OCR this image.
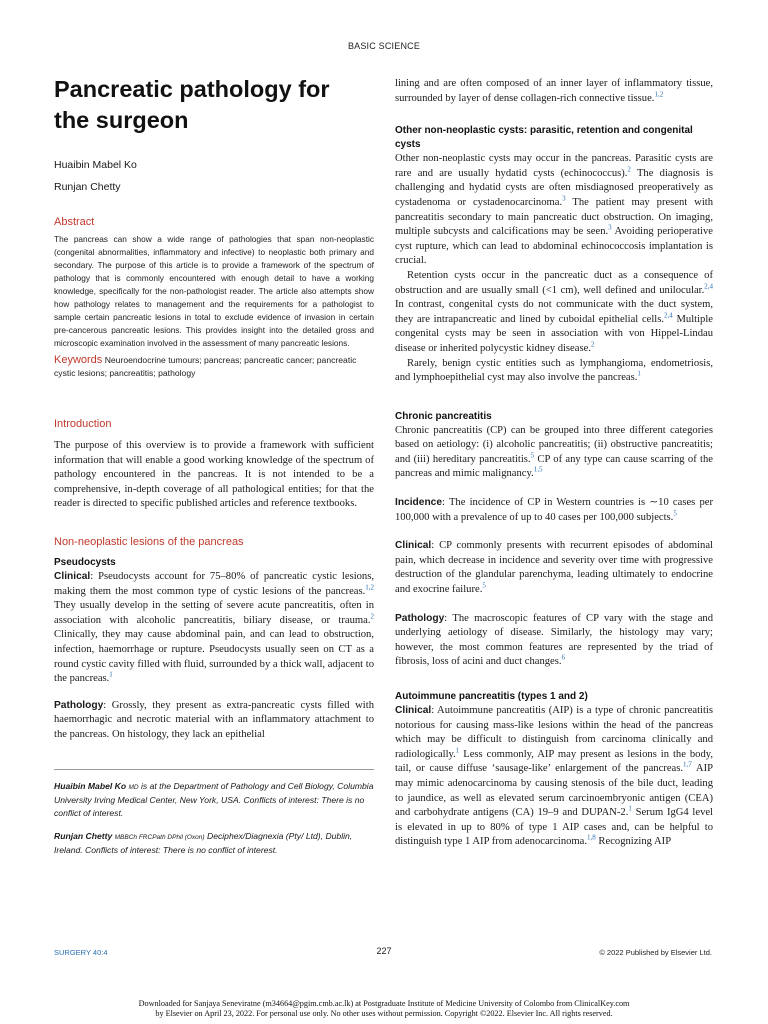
BASIC SCIENCE
Pancreatic pathology for
the surgeon
Huaibin Mabel Ko
Runjan Chetty
Abstract
The pancreas can show a wide range of pathologies that span non-neoplastic (congenital abnormalities, inflammatory and infective) to neoplastic both primary and secondary. The purpose of this article is to provide a framework of the spectrum of pathology that is commonly encountered with enough detail to have a working knowledge, specifically for the non-pathologist reader. The article also attempts show how pathology relates to management and the requirements for a pathologist to sample certain pancreatic lesions in total to exclude evidence of invasion in certain pre-cancerous pancreatic lesions. This provides insight into the detailed gross and microscopic examination involved in the assessment of many pancreatic lesions.
Keywords Neuroendocrine tumours; pancreas; pancreatic cancer; pancreatic cystic lesions; pancreatitis; pathology
Introduction

The purpose of this overview is to provide a framework with sufficient information that will enable a good working knowledge of the spectrum of pathology encountered in the pancreas. It is not intended to be a comprehensive, in-depth coverage of all pathological entities; for that the reader is directed to specific published articles and reference textbooks.

Non-neoplastic lesions of the pancreas
Pseudocysts

Clinical: Pseudocysts account for 75–80% of pancreatic cystic lesions, making them the most common type of cystic lesions of the pancreas.$^{1,2}$ They usually develop in the setting of severe acute pancreatitis, often in association with alcoholic pancreatitis, biliary disease, or trauma.$^2$ Clinically, they may cause abdominal pain, and can lead to obstruction, infection, haemorrhage or rupture. Pseudocysts usually seen on CT as a round cystic cavity filled with fluid, surrounded by a thick wall, adjacent to the pancreas.$^1$

Pathology: Grossly, they present as extra-pancreatic cysts filled with haemorrhagic and necrotic material with an inflammatory attachment to the pancreas. On histology, they lack an epithelial

Huaibin Mabel Ko MD is at the Department of Pathology and Cell Biology, Columbia University Irving Medical Center, New York, USA. Conflicts of interest: There is no conflict of interest.
Runjan Chetty MBBCh FRCPath DPhil (Oxon) Deciphex/Diagnexia (Pty/ Ltd), Dublin, Ireland. Conflicts of interest: There is no conflict of interest.

lining and are often composed of an inner layer of inflammatory tissue, surrounded by layer of dense collagen-rich connective tissue.$^{1,2}$

Other non-neoplastic cysts: parasitic, retention and congenital cysts

Other non-neoplastic cysts may occur in the pancreas. Parasitic cysts are rare and are usually hydatid cysts (echinococcus).$^2$ The diagnosis is challenging and hydatid cysts are often misdiagnosed preoperatively as cystadenoma or cystadenocarcinoma.$^3$ The patient may present with pancreatitis secondary to main pancreatic duct obstruction. On imaging, multiple subcysts and calcifications may be seen.$^3$ Avoiding perioperative cyst rupture, which can lead to abdominal echinococcosis implantation is crucial.

Retention cysts occur in the pancreatic duct as a consequence of obstruction and are usually small (<1 cm), well defined and unilocular.$^{2,4}$ In contrast, congenital cysts do not communicate with the duct system, they are intrapancreatic and lined by cuboidal epithelial cells.$^{2,4}$ Multiple congenital cysts may be seen in association with von Hippel-Lindau disease or inherited polycystic kidney disease.$^2$

Rarely, benign cystic entities such as lymphangioma, endometriosis, and lymphoepithelial cyst may also involve the pancreas.$^1$

Chronic pancreatitis

Chronic pancreatitis (CP) can be grouped into three different categories based on aetiology: (i) alcoholic pancreatitis; (ii) obstructive pancreatitis; and (iii) hereditary pancreatitis.$^5$ CP of any type can cause scarring of the pancreas and mimic malignancy.$^{1,5}$

Incidence: The incidence of CP in Western countries is ∼10 cases per 100,000 with a prevalence of up to 40 cases per 100,000 subjects.$^5$

Clinical: CP commonly presents with recurrent episodes of abdominal pain, which decrease in incidence and severity over time with progressive destruction of the glandular parenchyma, leading ultimately to endocrine and exocrine failure.$^5$

Pathology: The macroscopic features of CP vary with the stage and underlying aetiology of disease. Similarly, the histology may vary; however, the most common features are represented by the triad of fibrosis, loss of acini and duct changes.$^6$

Autoimmune pancreatitis (types 1 and 2)

Clinical: Autoimmune pancreatitis (AIP) is a type of chronic pancreatitis notorious for causing mass-like lesions within the head of the pancreas which may be difficult to distinguish from carcinoma clinically and radiologically.$^1$ Less commonly, AIP may present as lesions in the body, tail, or cause diffuse ‘sausage-like’ enlargement of the pancreas.$^{1,7}$ AIP may mimic adenocarcinoma by causing stenosis of the bile duct, leading to jaundice, as well as elevated serum carcinoembryonic antigen (CEA) and carbohydrate antigens (CA) 19–9 and DUPAN-2.$^1$ Serum IgG4 level is elevated in up to 80% of type 1 AIP cases and, can be helpful to distinguish type 1 AIP from adenocarcinoma.$^{1,8}$ Recognizing AIP

SURGERY 40:4	227	© 2022 Published by Elsevier Ltd.
Downloaded for Sanjaya Seneviratne (m34664@pgim.cmb.ac.lk) at Postgraduate Institute of Medicine University of Colombo from ClinicalKey.com
by Elsevier on April 23, 2022. For personal use only. No other uses without permission. Copyright ©2022. Elsevier Inc. All rights reserved.
